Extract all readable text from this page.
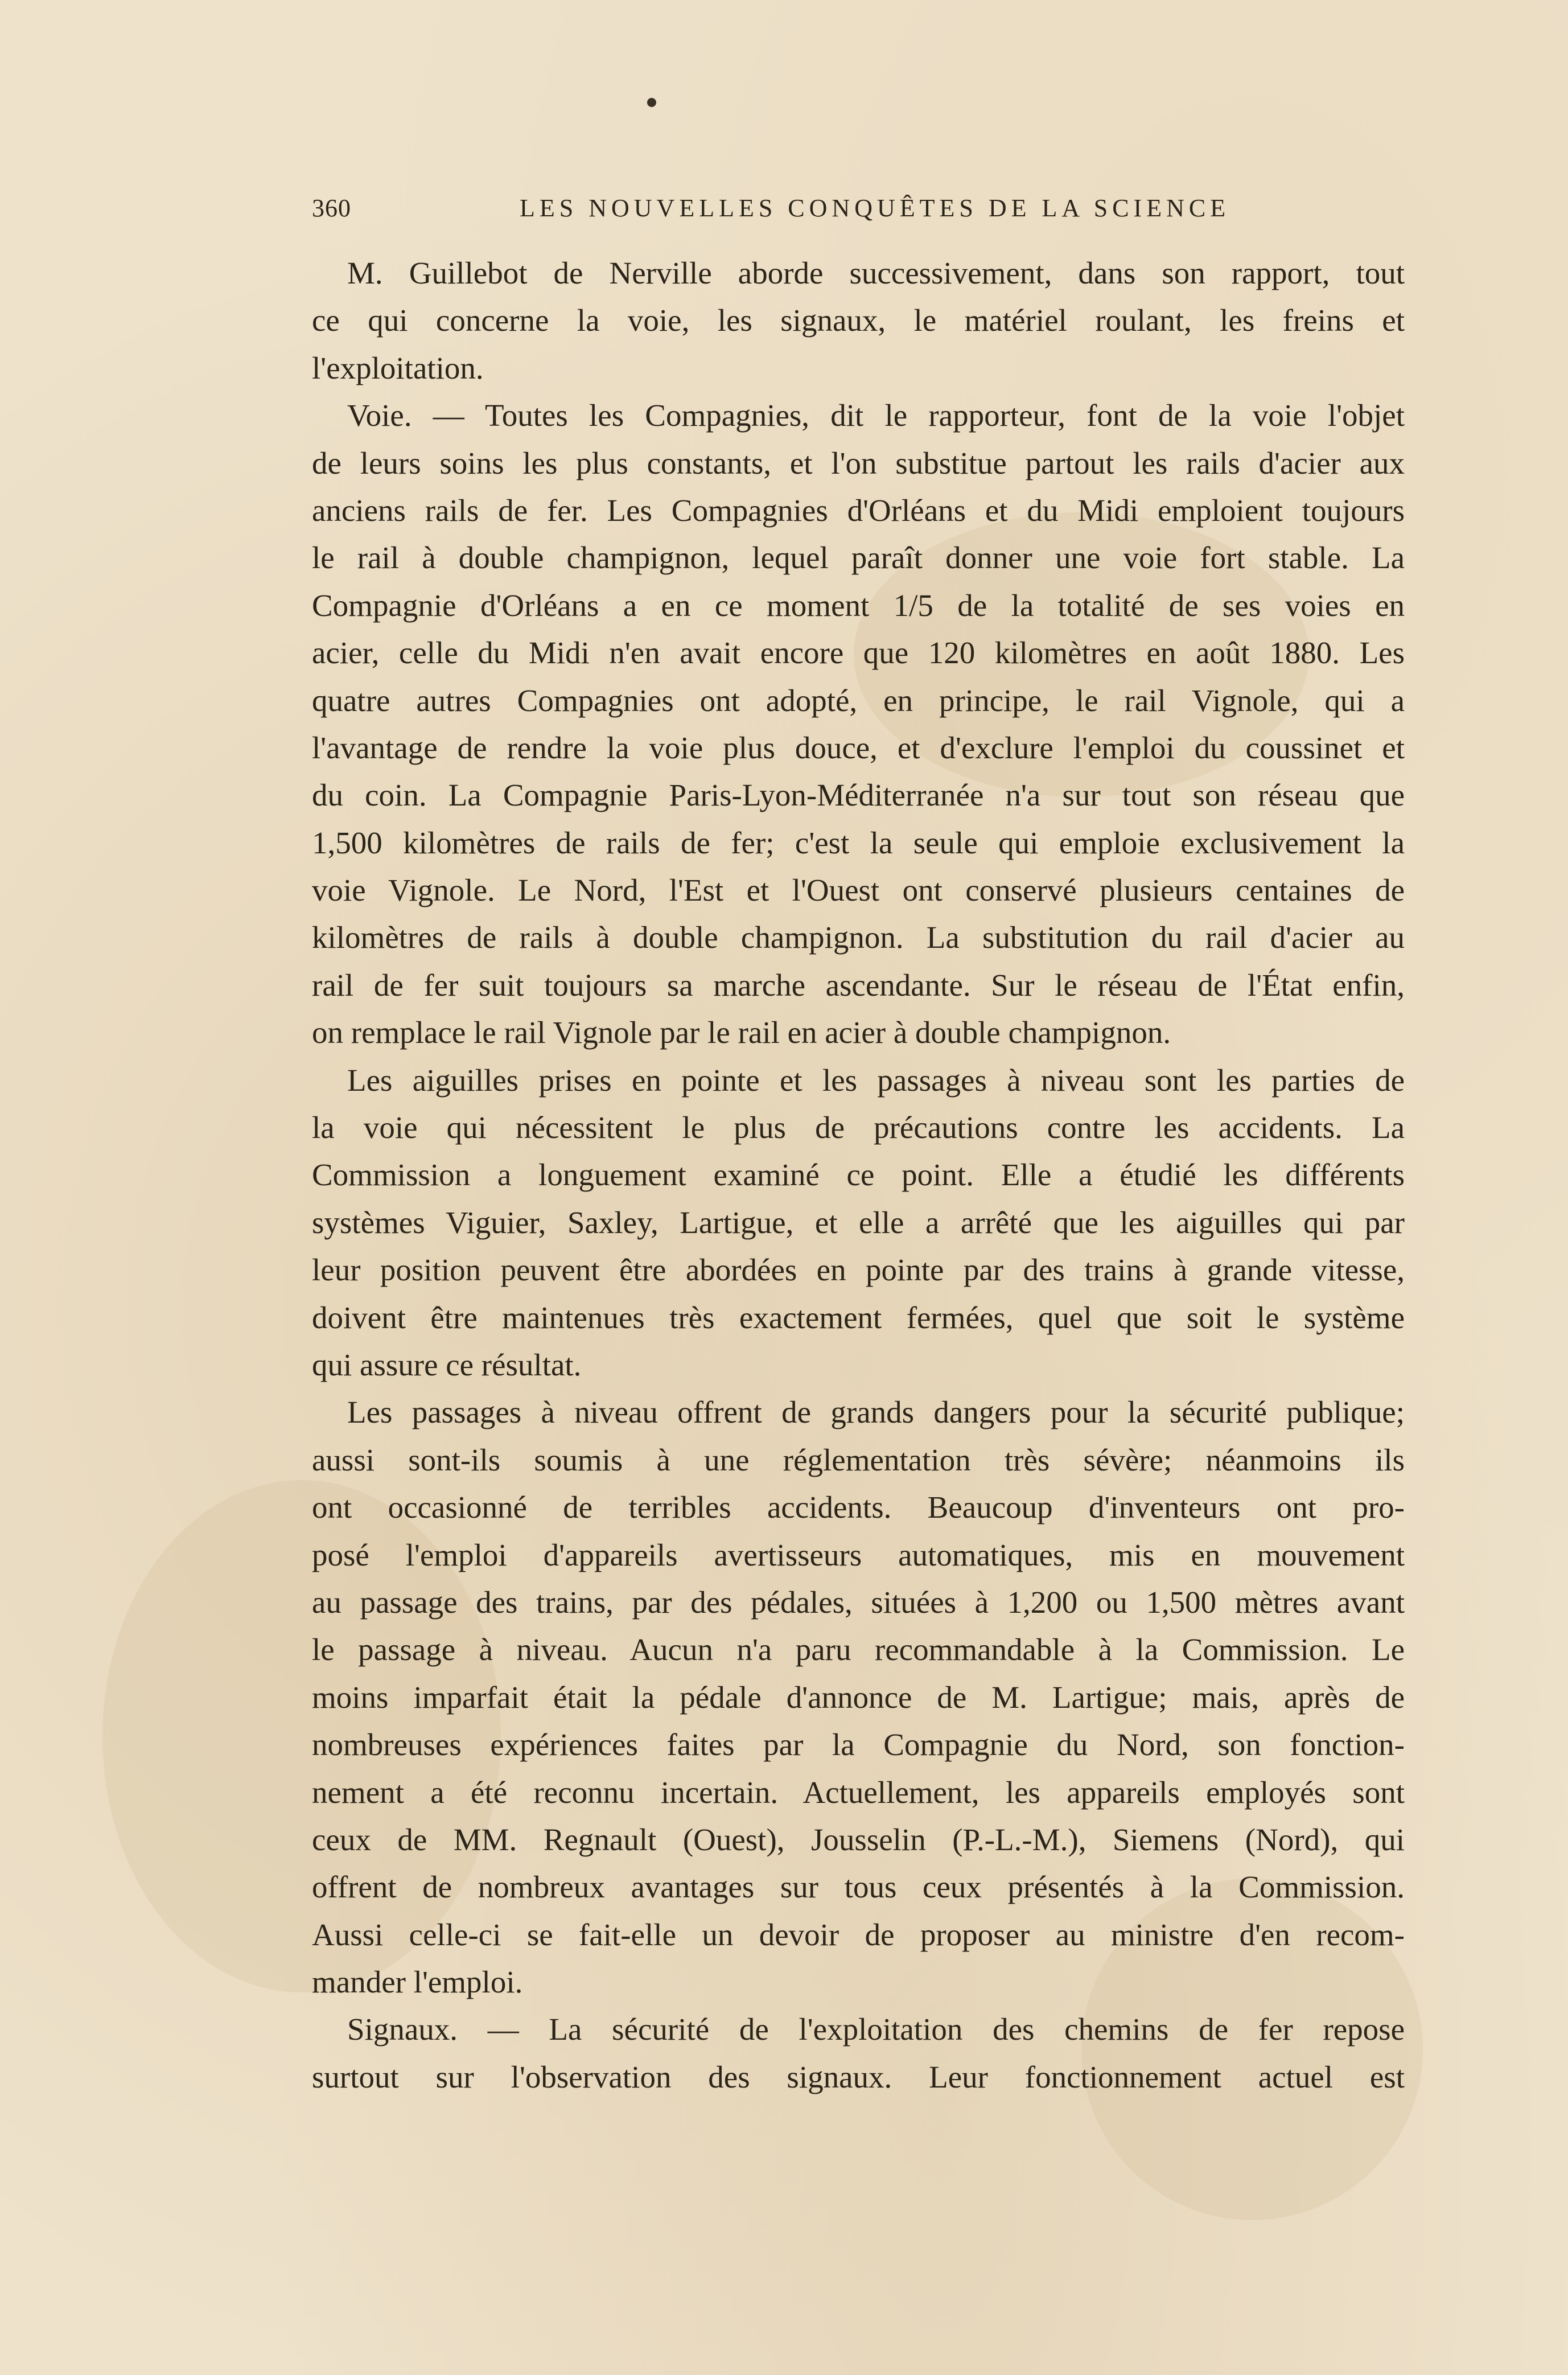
360	LES NOUVELLES CONQUÊTES DE LA SCIENCE
M. Guillebot de Nerville aborde successivement, dans son rapport, tout
ce qui concerne la voie, les signaux, le matériel roulant, les freins et
l'exploitation.
Voie. — Toutes les Compagnies, dit le rapporteur, font de la voie l'objet
de leurs soins les plus constants, et l'on substitue partout les rails d'acier aux
anciens rails de fer. Les Compagnies d'Orléans et du Midi emploient toujours
le rail à double champignon, lequel paraît donner une voie fort stable. La
Compagnie d'Orléans a en ce moment 1/5 de la totalité de ses voies en
acier, celle du Midi n'en avait encore que 120 kilomètres en août 1880. Les
quatre autres Compagnies ont adopté, en principe, le rail Vignole, qui a
l'avantage de rendre la voie plus douce, et d'exclure l'emploi du coussinet et
du coin. La Compagnie Paris-Lyon-Méditerranée n'a sur tout son réseau que
1,500 kilomètres de rails de fer; c'est la seule qui emploie exclusivement la
voie Vignole. Le Nord, l'Est et l'Ouest ont conservé plusieurs centaines de
kilomètres de rails à double champignon. La substitution du rail d'acier au
rail de fer suit toujours sa marche ascendante. Sur le réseau de l'État enfin,
on remplace le rail Vignole par le rail en acier à double champignon.
Les aiguilles prises en pointe et les passages à niveau sont les parties de
la voie qui nécessitent le plus de précautions contre les accidents. La
Commission a longuement examiné ce point. Elle a étudié les différents
systèmes Viguier, Saxley, Lartigue, et elle a arrêté que les aiguilles qui par
leur position peuvent être abordées en pointe par des trains à grande vitesse,
doivent être maintenues très exactement fermées, quel que soit le système
qui assure ce résultat.
Les passages à niveau offrent de grands dangers pour la sécurité publique;
aussi sont-ils soumis à une réglementation très sévère; néanmoins ils
ont occasionné de terribles accidents. Beaucoup d'inventeurs ont pro-
posé l'emploi d'appareils avertisseurs automatiques, mis en mouvement
au passage des trains, par des pédales, situées à 1,200 ou 1,500 mètres avant
le passage à niveau. Aucun n'a paru recommandable à la Commission. Le
moins imparfait était la pédale d'annonce de M. Lartigue; mais, après de
nombreuses expériences faites par la Compagnie du Nord, son fonction-
nement a été reconnu incertain. Actuellement, les appareils employés sont
ceux de MM. Regnault (Ouest), Jousselin (P.-L.-M.), Siemens (Nord), qui
offrent de nombreux avantages sur tous ceux présentés à la Commission.
Aussi celle-ci se fait-elle un devoir de proposer au ministre d'en recom-
mander l'emploi.
Signaux. — La sécurité de l'exploitation des chemins de fer repose
surtout sur l'observation des signaux. Leur fonctionnement actuel est
